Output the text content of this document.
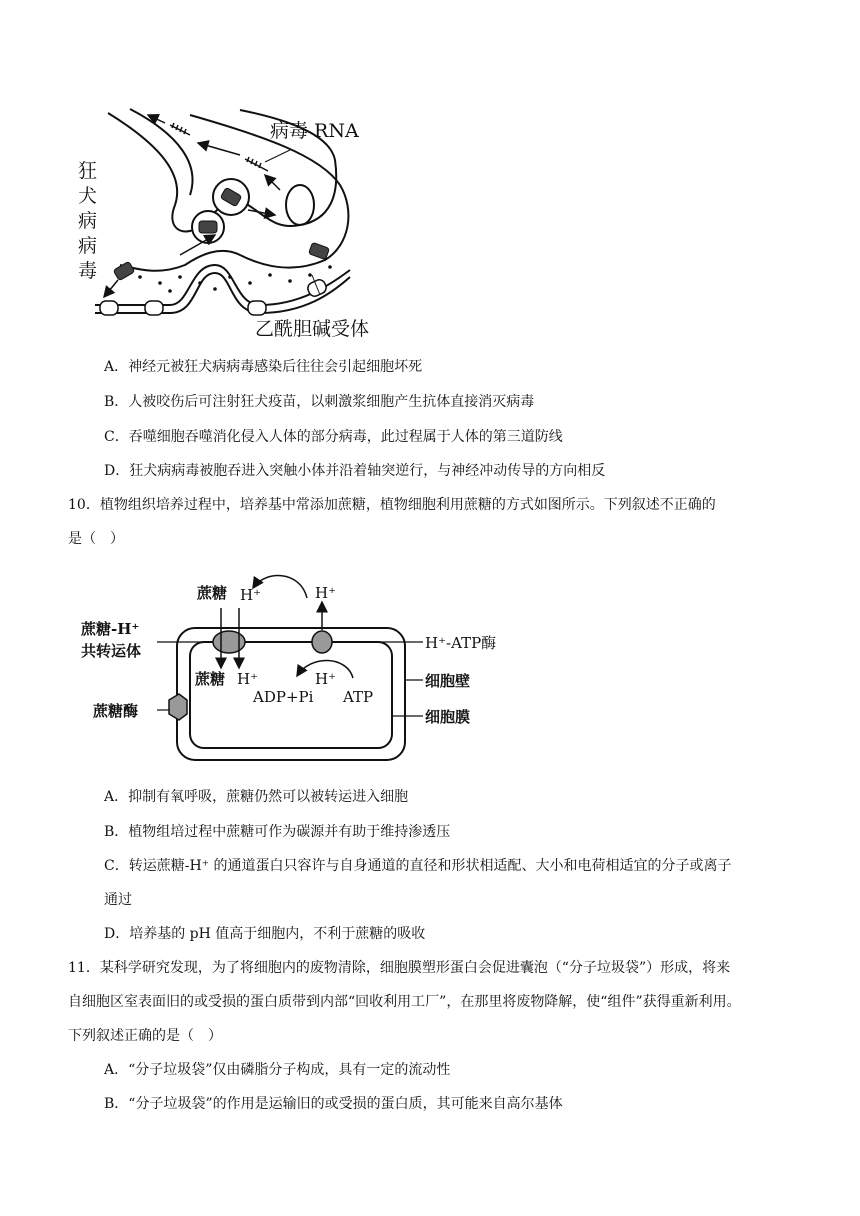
病毒 RNA
狂
犬
病
病
毒
乙酰胆碱受体
A．神经元被狂犬病病毒感染后往往会引起细胞坏死
B．人被咬伤后可注射狂犬疫苗，以刺激浆细胞产生抗体直接消灭病毒
C．吞噬细胞吞噬消化侵入人体的部分病毒，此过程属于人体的第三道防线
D．狂犬病病毒被胞吞进入突触小体并沿着轴突逆行，与神经冲动传导的方向相反
10．植物组织培养过程中，培养基中常添加蔗糖，植物细胞利用蔗糖的方式如图所示。下列叙述不正确的
是（　）
蔗糖 H⁺	H⁺
蔗糖-H⁺
共转运体	H⁺-ATP酶
蔗糖 H⁺	H⁺
ADP+Pi ATP
细胞壁
蔗糖酶	细胞膜
A．抑制有氧呼吸，蔗糖仍然可以被转运进入细胞
B．植物组培过程中蔗糖可作为碳源并有助于维持渗透压
C．转运蔗糖-H⁺ 的通道蛋白只容许与自身通道的直径和形状相适配、大小和电荷相适宜的分子或离子
通过
D．培养基的 pH 值高于细胞内，不利于蔗糖的吸收
11．某科学研究发现，为了将细胞内的废物清除，细胞膜塑形蛋白会促进囊泡（“分子垃圾袋”）形成，将来
自细胞区室表面旧的或受损的蛋白质带到内部“回收利用工厂”，在那里将废物降解，使“组件”获得重新利用。
下列叙述正确的是（　）
A．“分子垃圾袋”仅由磷脂分子构成，具有一定的流动性
B．“分子垃圾袋”的作用是运输旧的或受损的蛋白质，其可能来自高尔基体
